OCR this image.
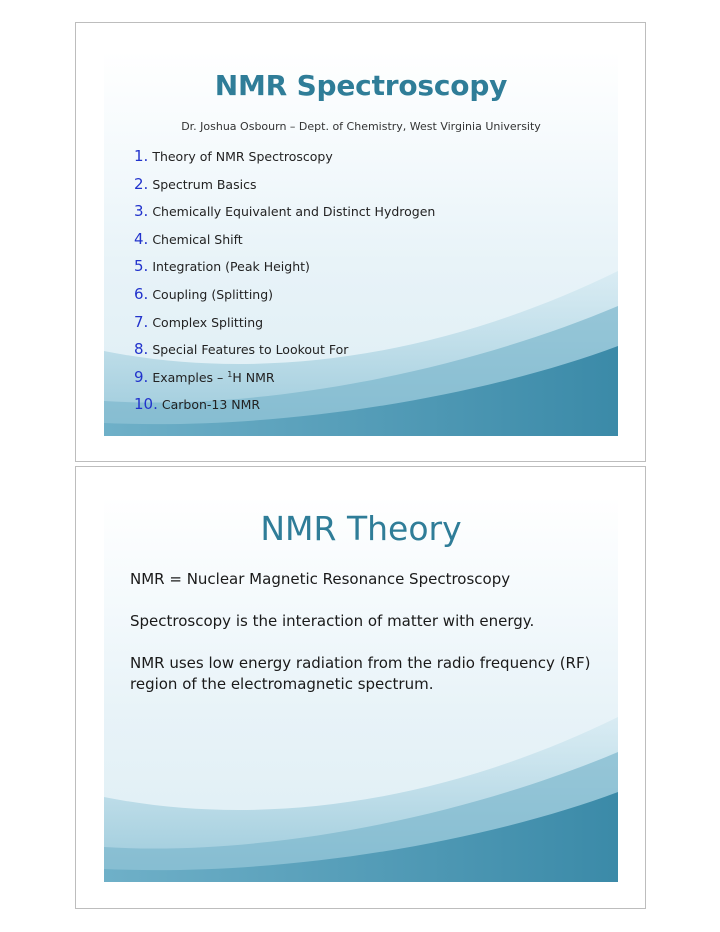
NMR Spectroscopy
Dr. Joshua Osbourn – Dept. of Chemistry, West Virginia University
1. Theory of NMR Spectroscopy
2. Spectrum Basics
3. Chemically Equivalent and Distinct Hydrogen
4. Chemical Shift
5. Integration (Peak Height)
6. Coupling (Splitting)
7. Complex Splitting
8. Special Features to Lookout For
9. Examples – $^1$H NMR
10. Carbon-13 NMR
NMR Theory

NMR = Nuclear Magnetic Resonance Spectroscopy

Spectroscopy is the interaction of matter with energy.

NMR uses low energy radiation from the radio frequency (RF) region of the electromagnetic spectrum.
